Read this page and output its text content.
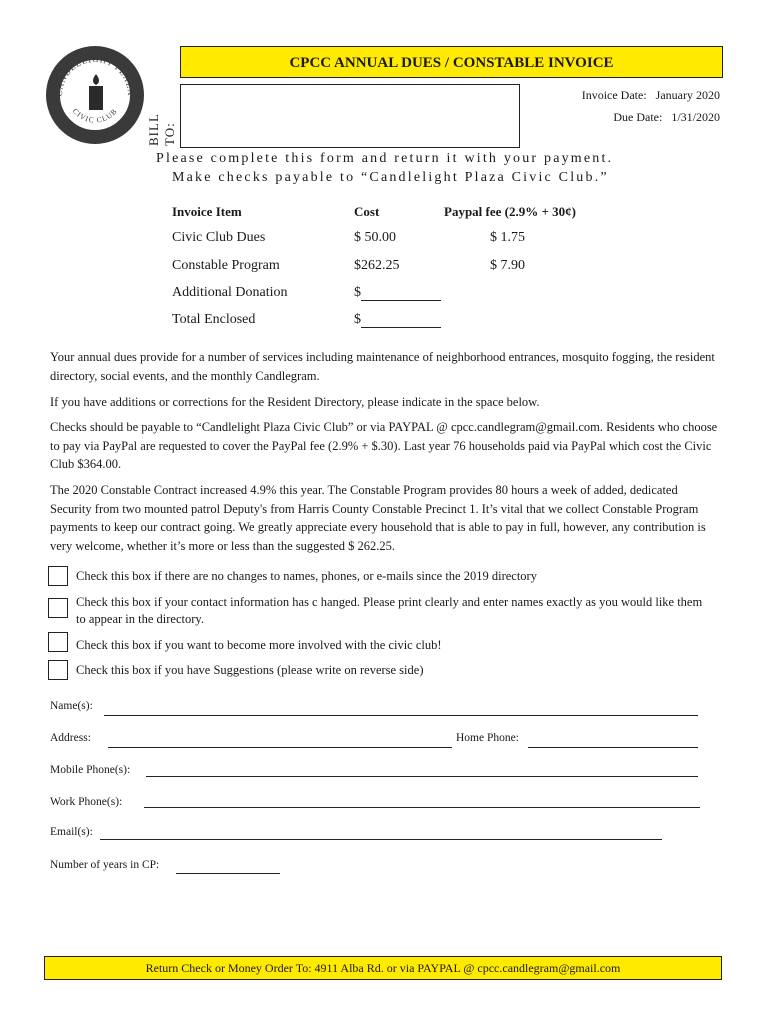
CANDLELIGHT PLAZA
CIVIC CLUB
CPCC ANNUAL DUES / CONSTABLE INVOICE
BILL TO:
Invoice Date: January 2020
Due Date: 1/31/2020
Please complete this form and return it with your payment.
Make checks payable to “Candlelight Plaza Civic Club.”
Invoice Item	Cost	Paypal fee (2.9% + 30¢)
Civic Club Dues	$ 50.00	$ 1.75
Constable Program	$262.25	$ 7.90
Additional Donation	$
Total Enclosed	$
Your annual dues provide for a number of services including maintenance of neighborhood entrances, mosquito fogging, the resident directory, social events, and the monthly Candlegram.
If you have additions or corrections for the Resident Directory, please indicate in the space below.
Checks should be payable to “Candlelight Plaza Civic Club” or via PAYPAL @ cpcc.candlegram@gmail.com. Residents who choose to pay via PayPal are requested to cover the PayPal fee (2.9% + $.30). Last year 76 households paid via PayPal which cost the Civic Club $364.00.
The 2020 Constable Contract increased 4.9% this year. The Constable Program provides 80 hours a week of added, dedicated Security from two mounted patrol Deputy's from Harris County Constable Precinct 1. It’s vital that we collect Constable Program payments to keep our contract going. We greatly appreciate every household that is able to pay in full, however, any contribution is very welcome, whether it’s more or less than the suggested $ 262.25.
Check this box if there are no changes to names, phones, or e-mails since the 2019 directory
Check this box if your contact information has c hanged. Please print clearly and enter names exactly as you would like them to appear in the directory.
Check this box if you want to become more involved with the civic club!
Check this box if you have Suggestions (please write on reverse side)
Name(s):
Address:	Home Phone:
Mobile Phone(s):
Work Phone(s):
Email(s):
Number of years in CP:
Return Check or Money Order To: 4911 Alba Rd. or via PAYPAL @ cpcc.candlegram@gmail.com
